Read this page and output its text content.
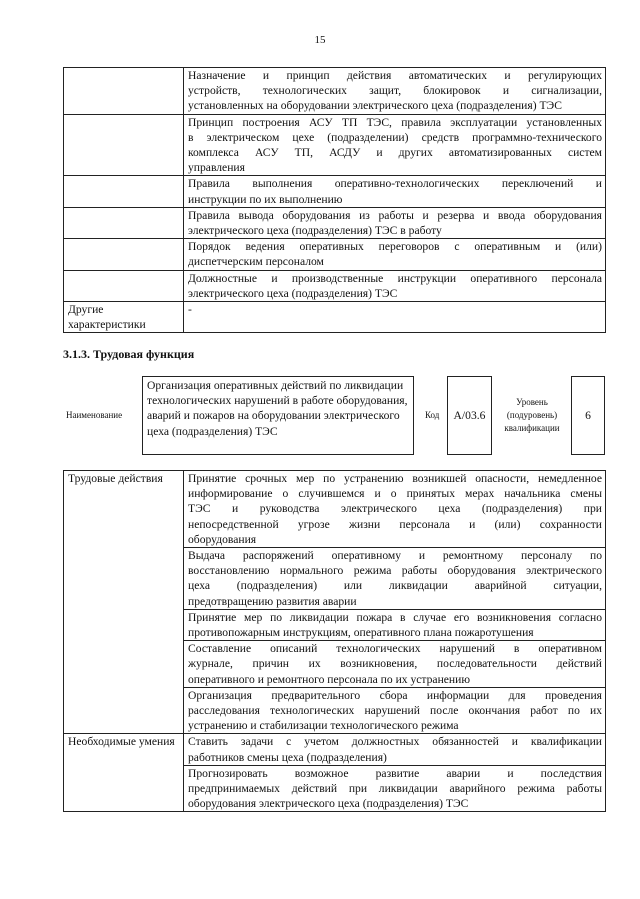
15

	Назначение и принцип действия автоматических и регулирующих
устройств, технологических защит, блокировок и сигнализации,
установленных на оборудовании электрического цеха (подразделения) ТЭС

	Принцип построения АСУ ТП ТЭС, правила эксплуатации установленных
в электрическом цехе (подразделении) средств программно-технического
комплекса АСУ ТП, АСДУ и других автоматизированных систем
управления

	Правила выполнения оперативно-технологических переключений и
инструкции по их выполнению

	Правила вывода оборудования из работы и резерва и ввода оборудования
электрического цеха (подразделения) ТЭС в работу

	Порядок ведения оперативных переговоров с оперативным и (или)
диспетчерским персоналом

	Должностные и производственные инструкции оперативного персонала
электрического цеха (подразделения) ТЭС

Другие характеристики	-
3.1.3. Трудовая функция
Наименование
Организация оперативных действий по ликвидации технологических нарушений в работе оборудования, аварий и пожаров на оборудовании электрического цеха (подразделения) ТЭС
Код	А/03.6
Уровень (подуровень) квалификации
6
Трудовые действия	Принятие срочных мер по устранению возникшей опасности, немедленное
информирование о случившемся и о принятых мерах начальника смены
ТЭС и руководства электрического цеха (подразделения) при
непосредственной угрозе жизни персонала и (или) сохранности
оборудования

	Выдача распоряжений оперативному и ремонтному персоналу по
восстановлению нормального режима работы оборудования электрического
цеха (подразделения) или ликвидации аварийной ситуации,
предотвращению развития аварии

	Принятие мер по ликвидации пожара в случае его возникновения согласно
противопожарным инструкциям, оперативного плана пожаротушения

	Составление описаний технологических нарушений в оперативном
журнале, причин их возникновения, последовательности действий
оперативного и ремонтного персонала по их устранению

	Организация предварительного сбора информации для проведения
расследования технологических нарушений после окончания работ по их
устранению и стабилизации технологического режима

Необходимые умения	Ставить задачи с учетом должностных обязанностей и квалификации
работников смены цеха (подразделения)

	Прогнозировать возможное развитие аварии и последствия
предпринимаемых действий при ликвидации аварийного режима работы
оборудования электрического цеха (подразделения) ТЭС
